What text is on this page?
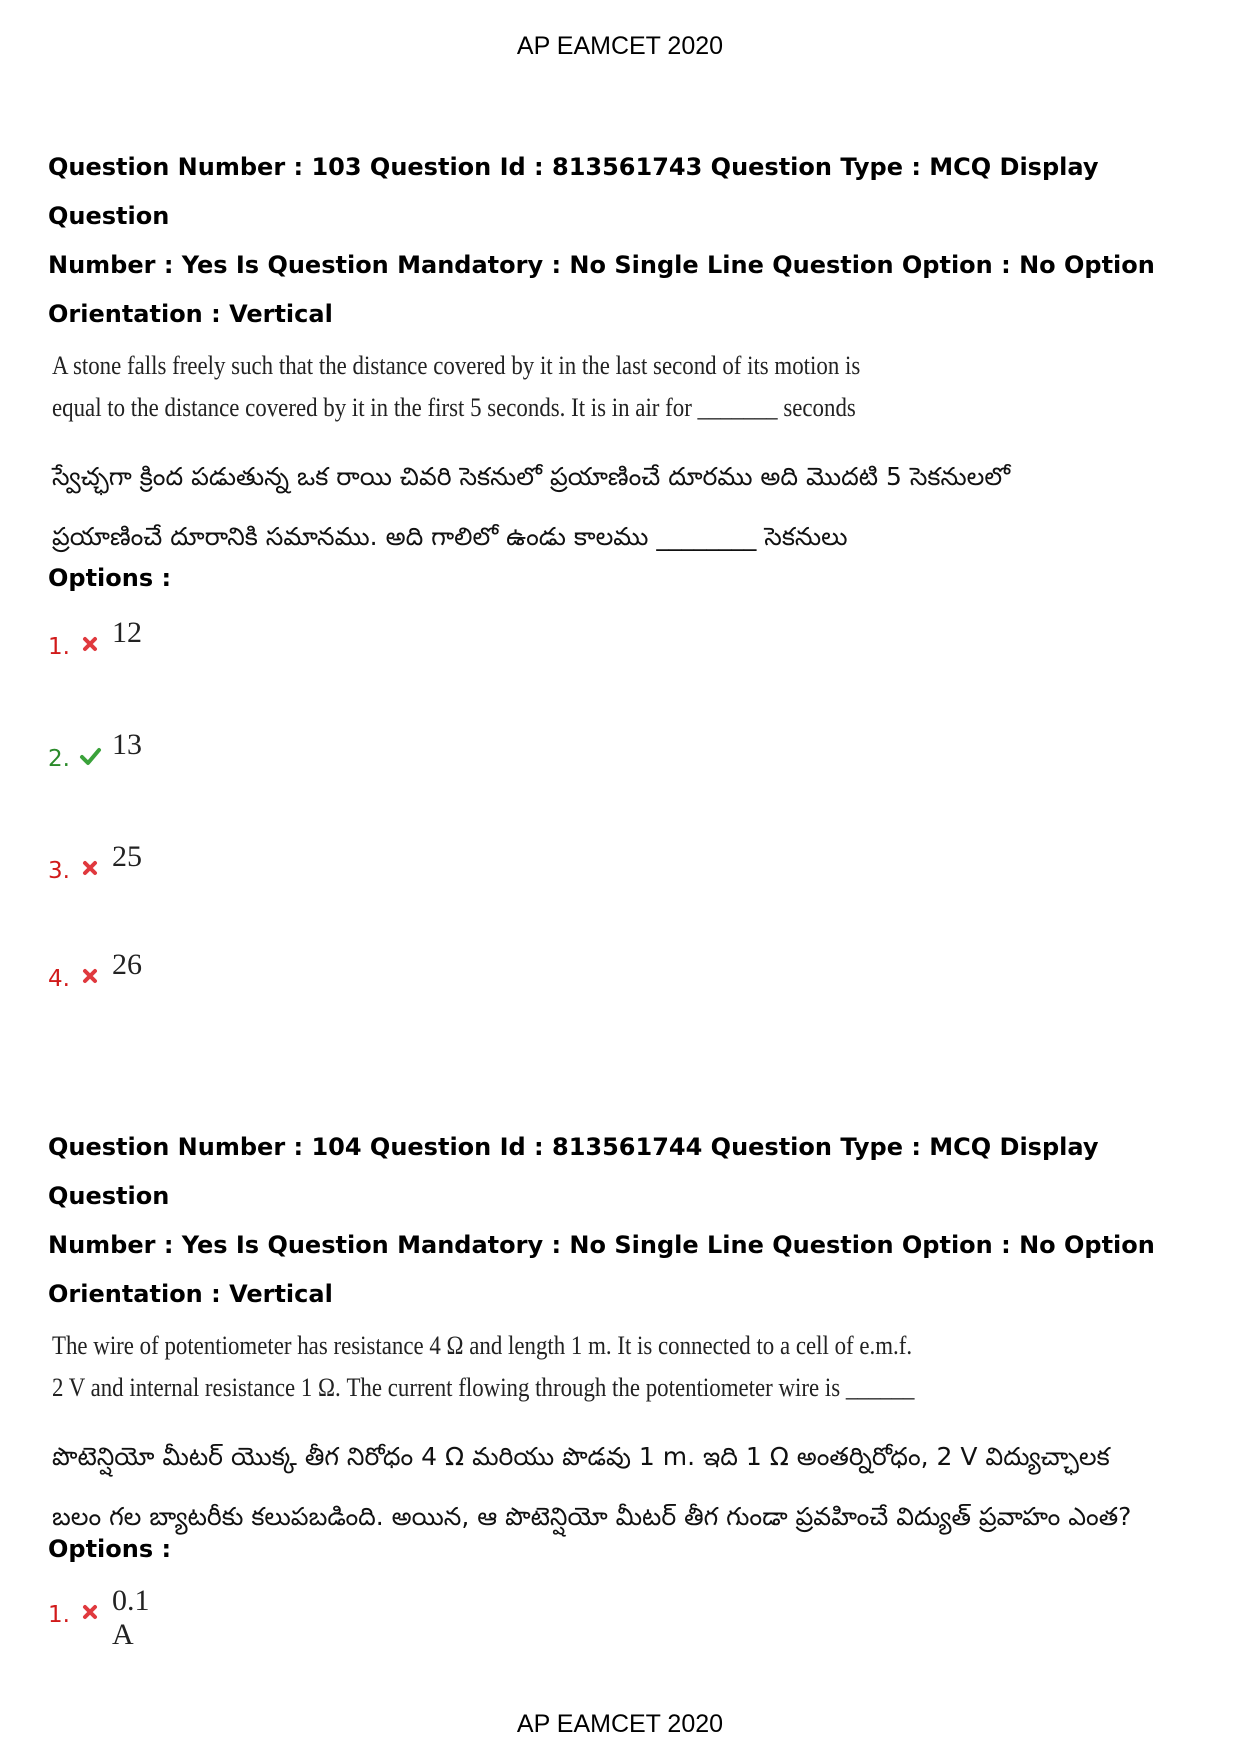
AP EAMCET 2020

Question Number : 103 Question Id : 813561743 Question Type : MCQ Display Question

Number : Yes Is Question Mandatory : No Single Line Question Option : No Option

Orientation : Vertical

A stone falls freely such that the distance covered by it in the last second of its motion is
equal to the distance covered by it in the first 5 seconds. It is in air for _______ seconds
స్వేచ్ఛగా క్రింద పడుతున్న ఒక రాయి చివరి సెకనులో ప్రయాణించే దూరము అది మొదటి 5 సెకనులలో
ప్రయాణించే దూరానికి సమానము. అది గాలిలో ఉండు కాలము ________ సెకనులు

Options :

1. 12
2. 13
3. 25
4. 26

Question Number : 104 Question Id : 813561744 Question Type : MCQ Display Question

Number : Yes Is Question Mandatory : No Single Line Question Option : No Option

Orientation : Vertical

The wire of potentiometer has resistance 4 Ω and length 1 m. It is connected to a cell of e.m.f.
2 V and internal resistance 1 Ω. The current flowing through the potentiometer wire is ______
పొటెన్షియో మీటర్ యొక్క తీగ నిరోధం 4 Ω మరియు పొడవు 1 m. ఇది 1 Ω అంతర్నిరోధం, 2 V విద్యుచ్ఛాలక
బలం గల బ్యాటరీకు కలుపబడింది. అయిన, ఆ పొటెన్షియో మీటర్ తీగ గుండా ప్రవహించే విద్యుత్ ప్రవాహం ఎంత?

Options :

1. 0.1 A
AP EAMCET 2020
